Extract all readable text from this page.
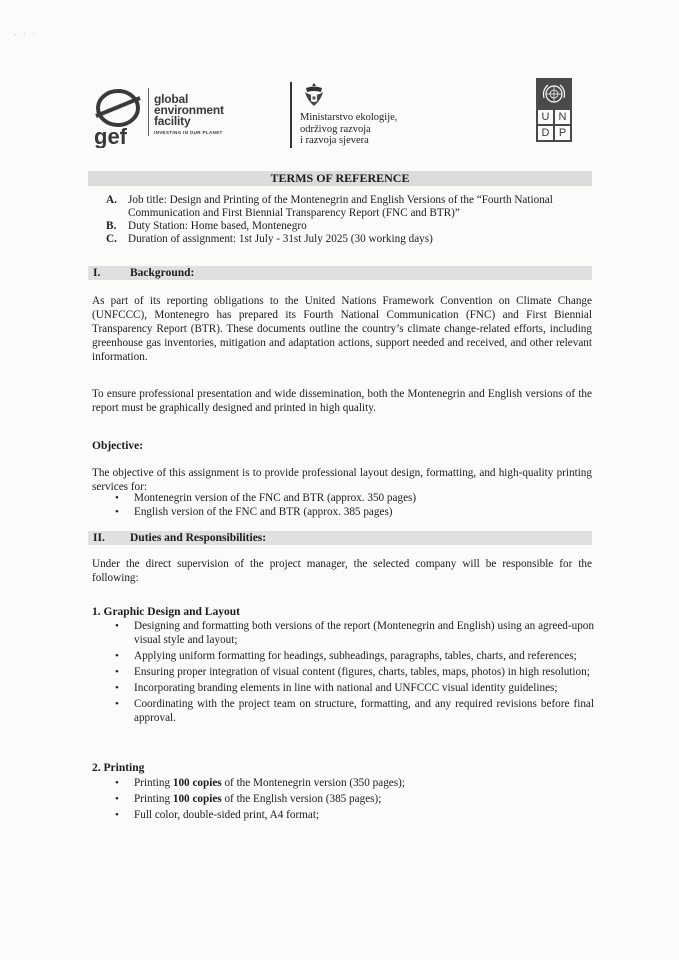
- · ·
gef
global
environment
facility
INVESTING IN OUR PLANET
Ministarstvo ekologije,
održivog razvoja
i razvoja sjevera
U N
D P
TERMS OF REFERENCE
A. Job title: Design and Printing of the Montenegrin and English Versions of the “Fourth National Communication and First Biennial Transparency Report (FNC and BTR)”
B. Duty Station: Home based, Montenegro
C. Duration of assignment: 1st July - 31st July 2025 (30 working days)
I.	Background:
As part of its reporting obligations to the United Nations Framework Convention on Climate Change (UNFCCC), Montenegro has prepared its Fourth National Communication (FNC) and First Biennial Transparency Report (BTR). These documents outline the country’s climate change-related efforts, including greenhouse gas inventories, mitigation and adaptation actions, support needed and received, and other relevant information.
To ensure professional presentation and wide dissemination, both the Montenegrin and English versions of the report must be graphically designed and printed in high quality.
Objective:
The objective of this assignment is to provide professional layout design, formatting, and high-quality printing services for:
• Montenegrin version of the FNC and BTR (approx. 350 pages)
• English version of the FNC and BTR (approx. 385 pages)
II. Duties and Responsibilities:
Under the direct supervision of the project manager, the selected company will be responsible for the following:
1. Graphic Design and Layout
• Designing and formatting both versions of the report (Montenegrin and English) using an agreed-upon visual style and layout;
• Applying uniform formatting for headings, subheadings, paragraphs, tables, charts, and references;
• Ensuring proper integration of visual content (figures, charts, tables, maps, photos) in high resolution;
• Incorporating branding elements in line with national and UNFCCC visual identity guidelines;
• Coordinating with the project team on structure, formatting, and any required revisions before final approval.
2. Printing
• Printing 100 copies of the Montenegrin version (350 pages);
• Printing 100 copies of the English version (385 pages);
• Full color, double-sided print, A4 format;
